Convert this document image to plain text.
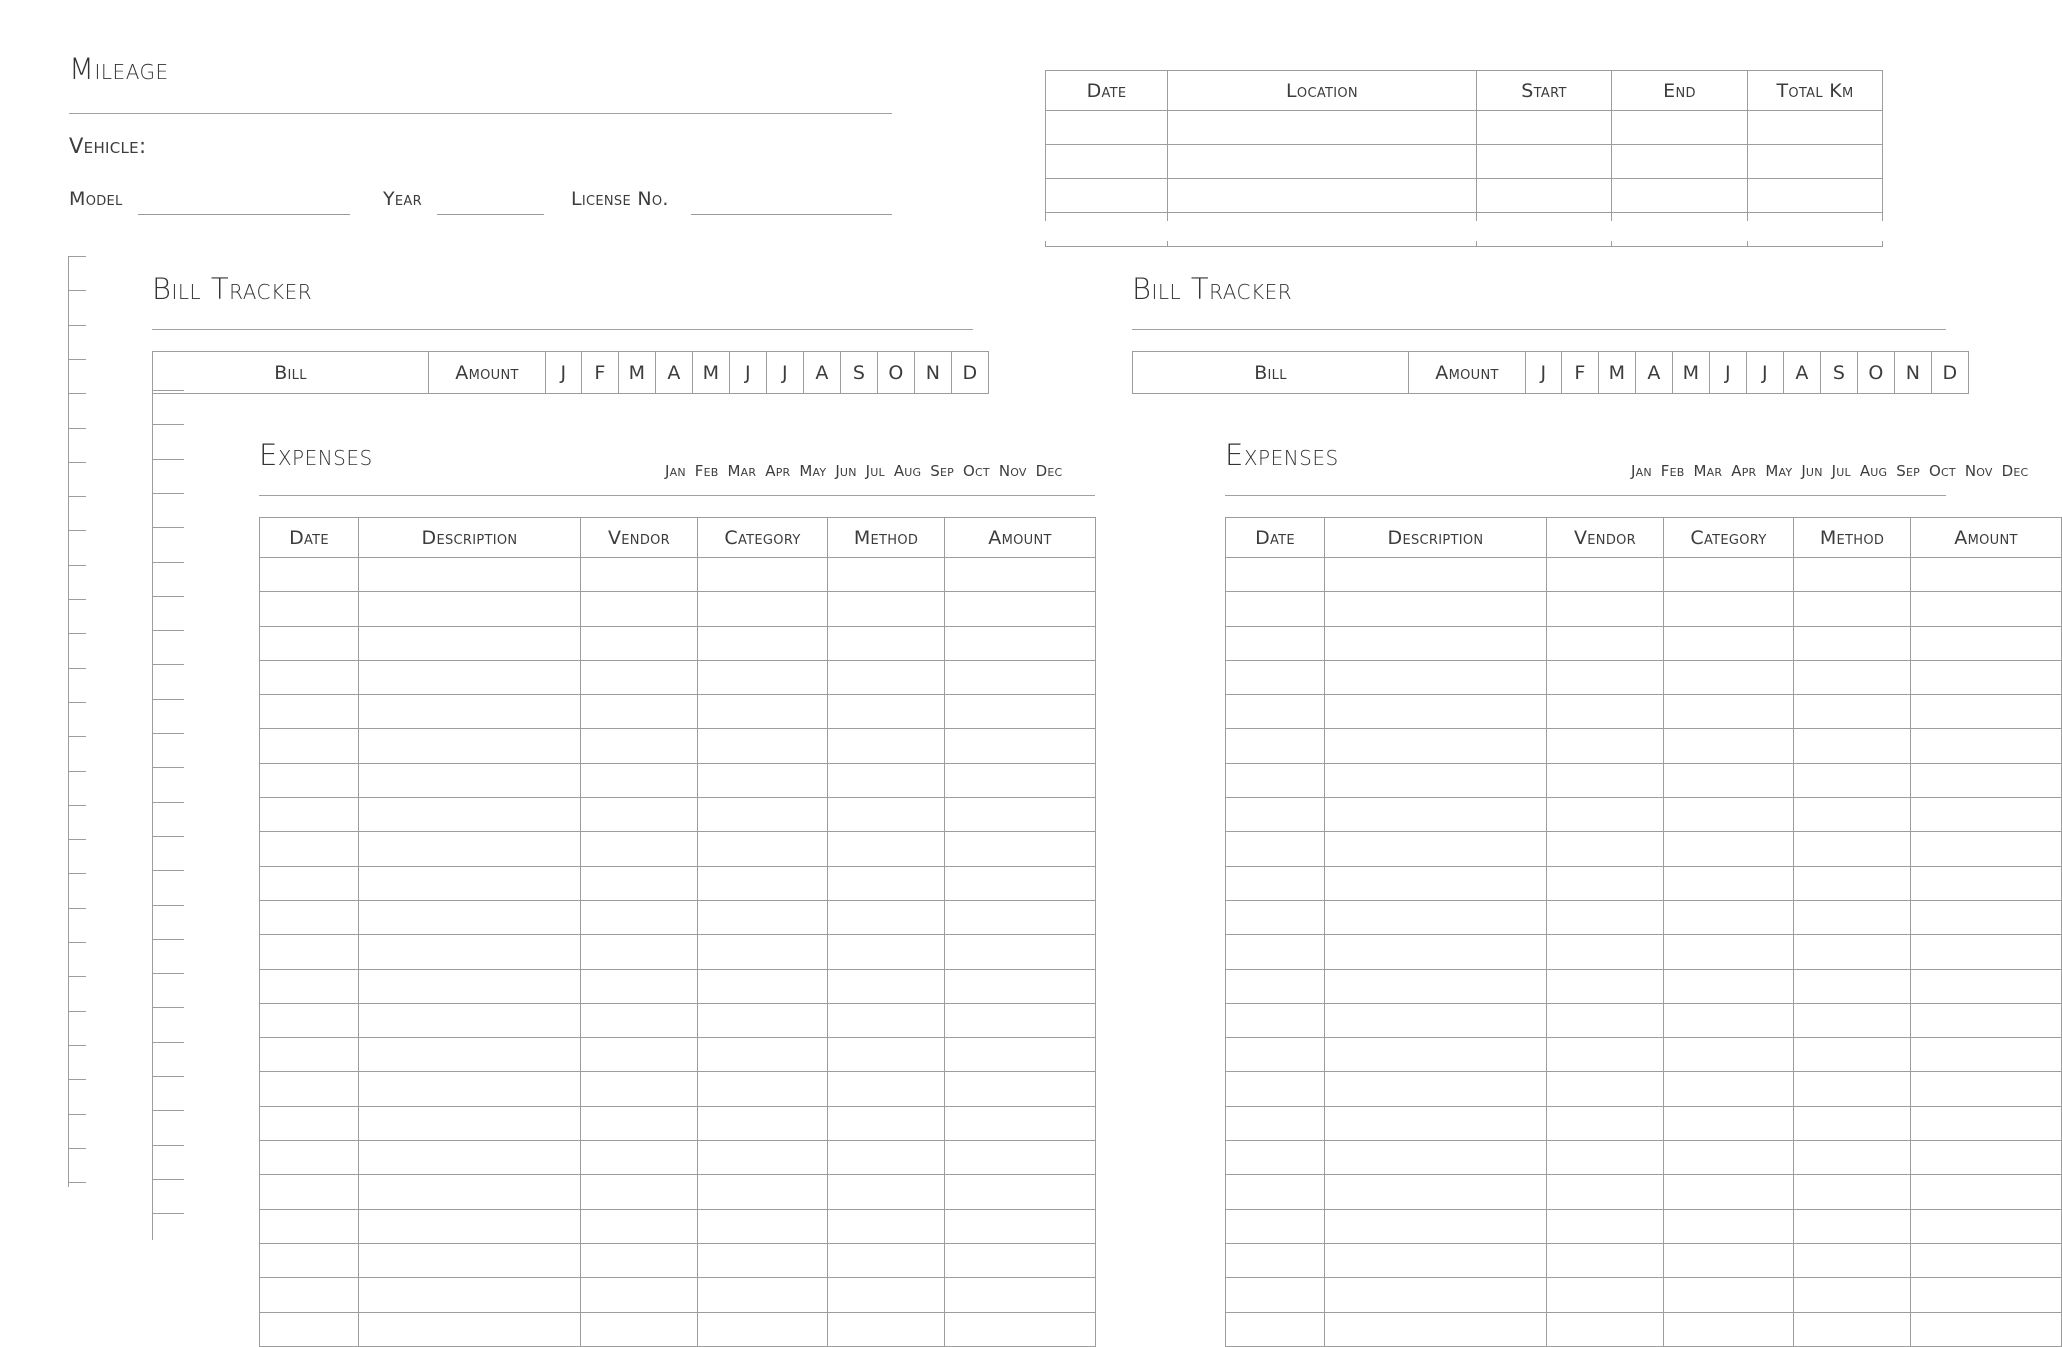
Mileage
Vehicle:
Model	Year	License No.
Date	Location	Start	End	Total Km

Bill Tracker
Bill	Amount	J	F	M	A	M	J	J	A	S	O	N	D
Bill Tracker
Bill	Amount	J	F	M	A	M	J	J	A	S	O	N	D
Expenses	Jan Feb Mar Apr May Jun Jul Aug Sep Oct Nov Dec
Date	Description	Vendor	Category	Method	Amount

Expenses	Jan Feb Mar Apr May Jun Jul Aug Sep Oct Nov Dec
Date	Description	Vendor	Category	Method	Amount
